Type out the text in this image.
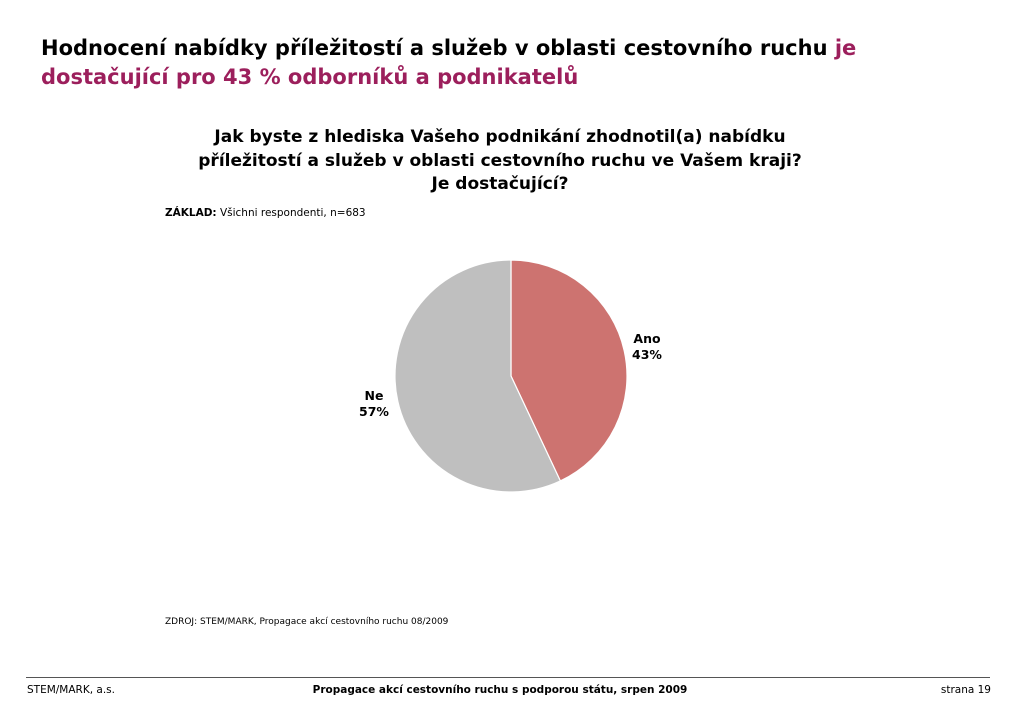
Hodnocení nabídky příležitostí a služeb v oblasti cestovního ruchu je dostačující pro 43 % odborníků a podnikatelů
Jak byste z hlediska Vašeho podnikání zhodnotil(a) nabídku
příležitostí a služeb v oblasti cestovního ruchu ve Vašem kraji?
Je dostačující?
ZÁKLAD: Všichni respondenti, n=683
Ano
43%
Ne
57%
ZDROJ: STEM/MARK, Propagace akcí cestovního ruchu 08/2009
STEM/MARK, a.s.	Propagace akcí cestovního ruchu s podporou státu, srpen 2009	strana 19
